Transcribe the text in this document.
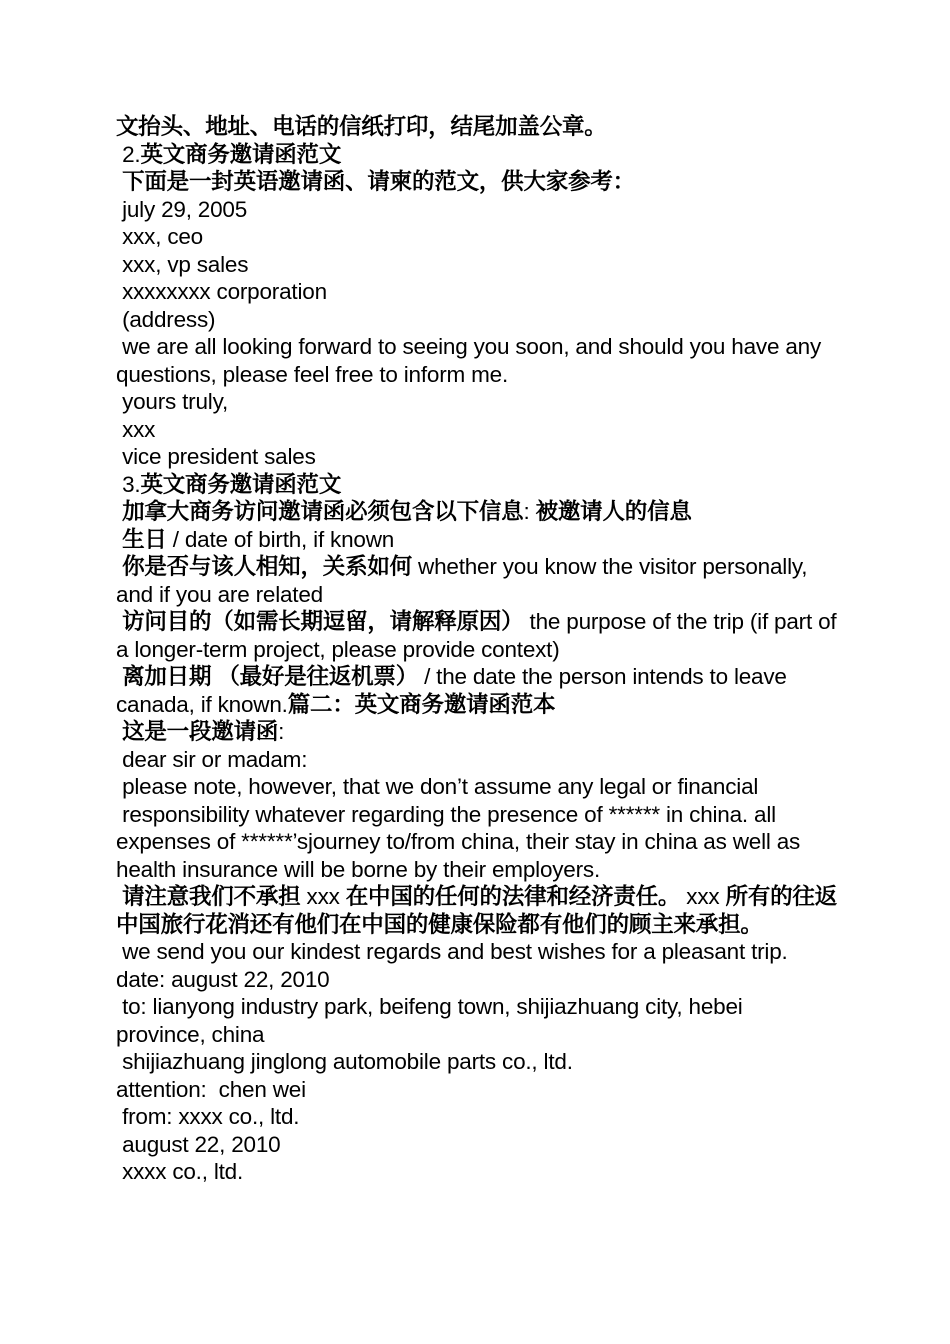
文抬头、地址、电话的信纸打印，结尾加盖公章。

2.英文商务邀请函范文

下面是一封英语邀请函、请柬的范文，供大家参考：

july 29, 2005

xxx, ceo

xxx, vp sales

xxxxxxxx corporation

(address)

we are all looking forward to seeing you soon, and should you have any questions, please feel free to inform me.

yours truly,

xxx

vice president sales

3.英文商务邀请函范文

加拿大商务访问邀请函必须包含以下信息: 被邀请人的信息

生日 / date of birth, if known

你是否与该人相知，关系如何 whether you know the visitor personally, and if you are related

访问目的（如需长期逗留，请解释原因） the purpose of the trip (if part of a longer-term project, please provide context)

离加日期 （最好是往返机票） / the date the person intends to leave canada, if known.篇二：英文商务邀请函范本

这是一段邀请函:

dear sir or madam:

please note, however, that we don’t assume any legal or financial

responsibility whatever regarding the presence of ****** in china. all expenses of ******’sjourney to/from china, their stay in china as well as health insurance will be borne by their employers.

请注意我们不承担 xxx 在中国的任何的法律和经济责任。 xxx 所有的往返中国旅行花消还有他们在中国的健康保险都有他们的顾主来承担。

we send you our kindest regards and best wishes for a pleasant trip. date: august 22, 2010

to: lianyong industry park, beifeng town, shijiazhuang city, hebei province, china

shijiazhuang jinglong automobile parts co., ltd.

attention:  chen wei

from: xxxx co., ltd.

august 22, 2010

xxxx co., ltd.
